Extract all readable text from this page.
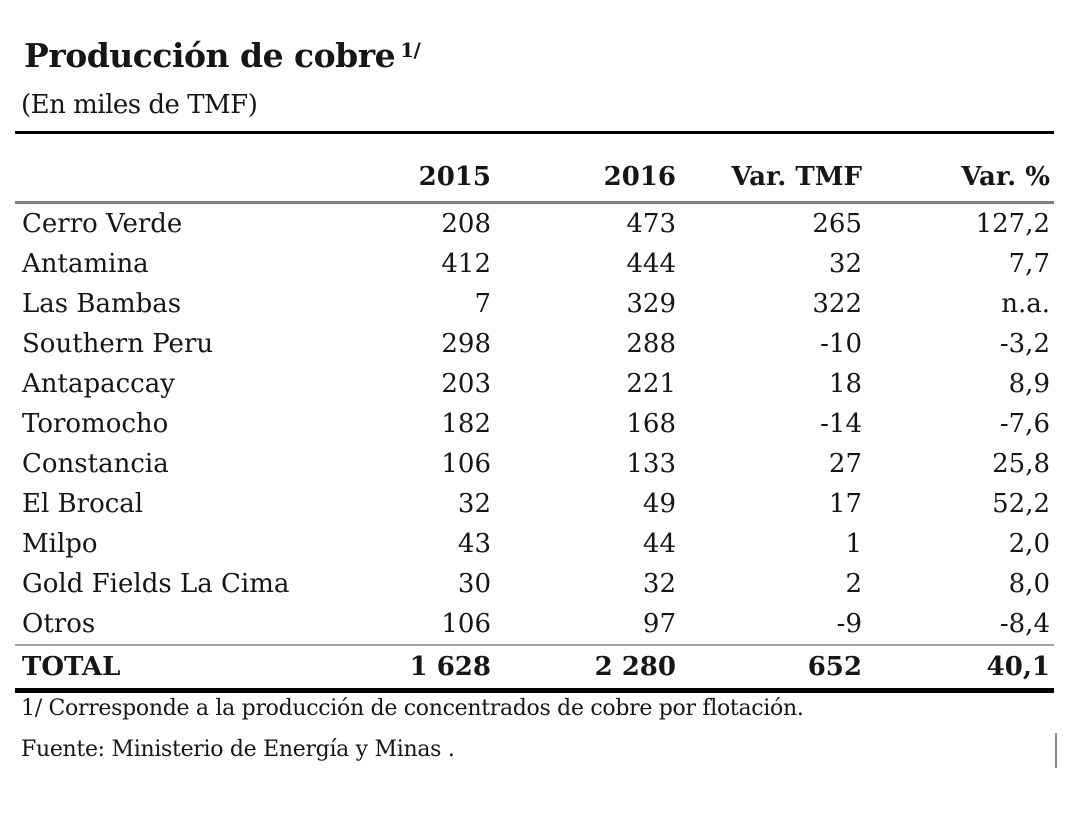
Producción de cobre $^{1/}$
(En miles de TMF)
	2015	2016	Var. TMF	Var. %
Cerro Verde	208	473	265	127,2
Antamina	412	444	32	7,7
Las Bambas	7	329	322	n.a.
Southern Peru	298	288	-10	-3,2
Antapaccay	203	221	18	8,9
Toromocho	182	168	-14	-7,6
Constancia	106	133	27	25,8
El Brocal	32	49	17	52,2
Milpo	43	44	1	2,0
Gold Fields La Cima	30	32	2	8,0
Otros	106	97	-9	-8,4
TOTAL	1 628	2 280	652	40,1
1/ Corresponde a la producción de concentrados de cobre por flotación.
Fuente: Ministerio de Energía y Minas .
